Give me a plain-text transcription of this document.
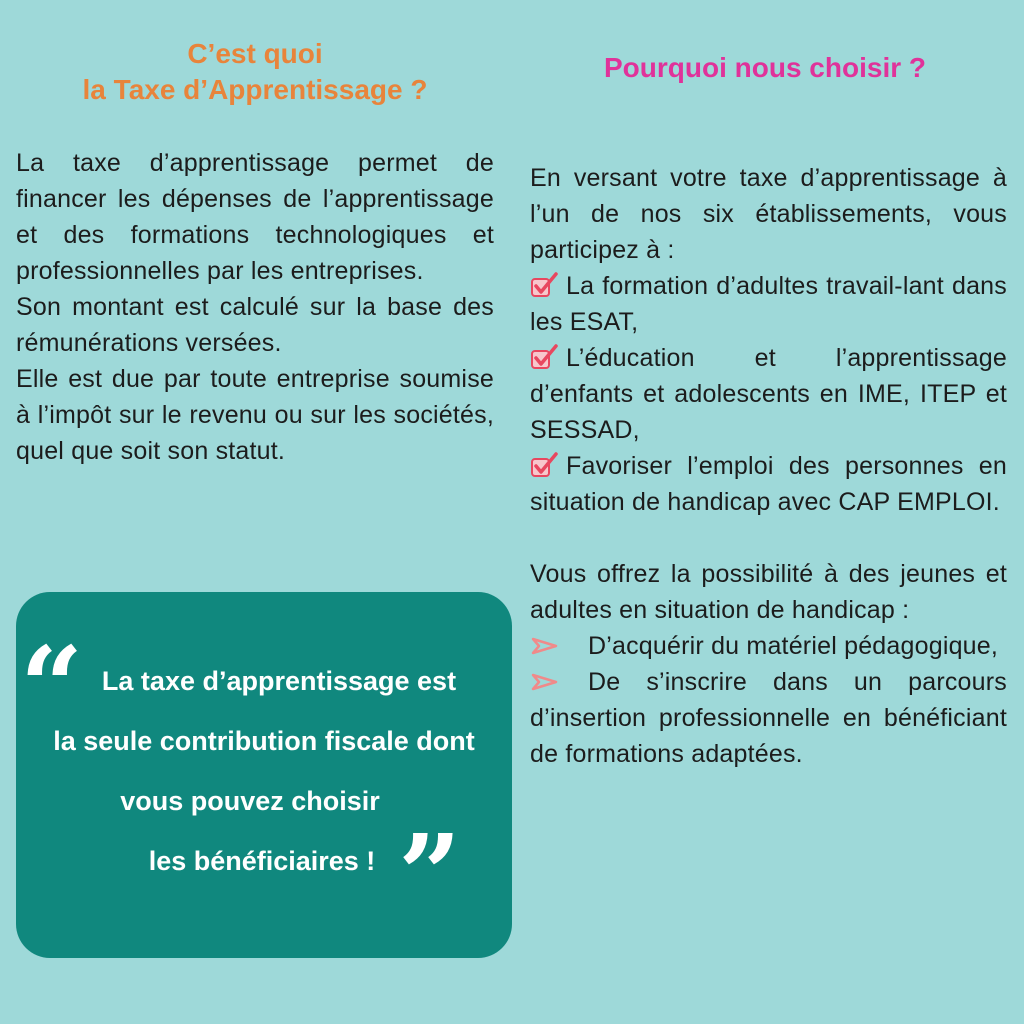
C’est quoi
la Taxe d’Apprentissage ?
Pourquoi nous choisir ?

La taxe d’apprentissage permet de financer les dépenses de l’apprentissage et des formations technologiques et professionnelles par les entreprises.

Son montant est calculé sur la base des rémunérations versées.

Elle est due par toute entreprise soumise à l’impôt sur le revenu ou sur les sociétés, quel que soit son statut.

En versant votre taxe d’apprentissage à l’un de nos six établissements, vous participez à :

La formation d’adultes travail-lant dans les ESAT,

L’éducation et l’apprentissage d’enfants et adolescents en IME, ITEP et SESSAD,

Favoriser l’emploi des personnes en situation de handicap avec CAP EMPLOI.

Vous offrez la possibilité à des jeunes et adultes en situation de handicap :

D’acquérir du matériel pédagogique,

De s’inscrire dans un parcours d’insertion professionnelle en bénéficiant de formations adaptées.

“ La taxe d’apprentissage est
la seule contribution fiscale dont
vous pouvez choisir
les bénéficiaires ! ”
